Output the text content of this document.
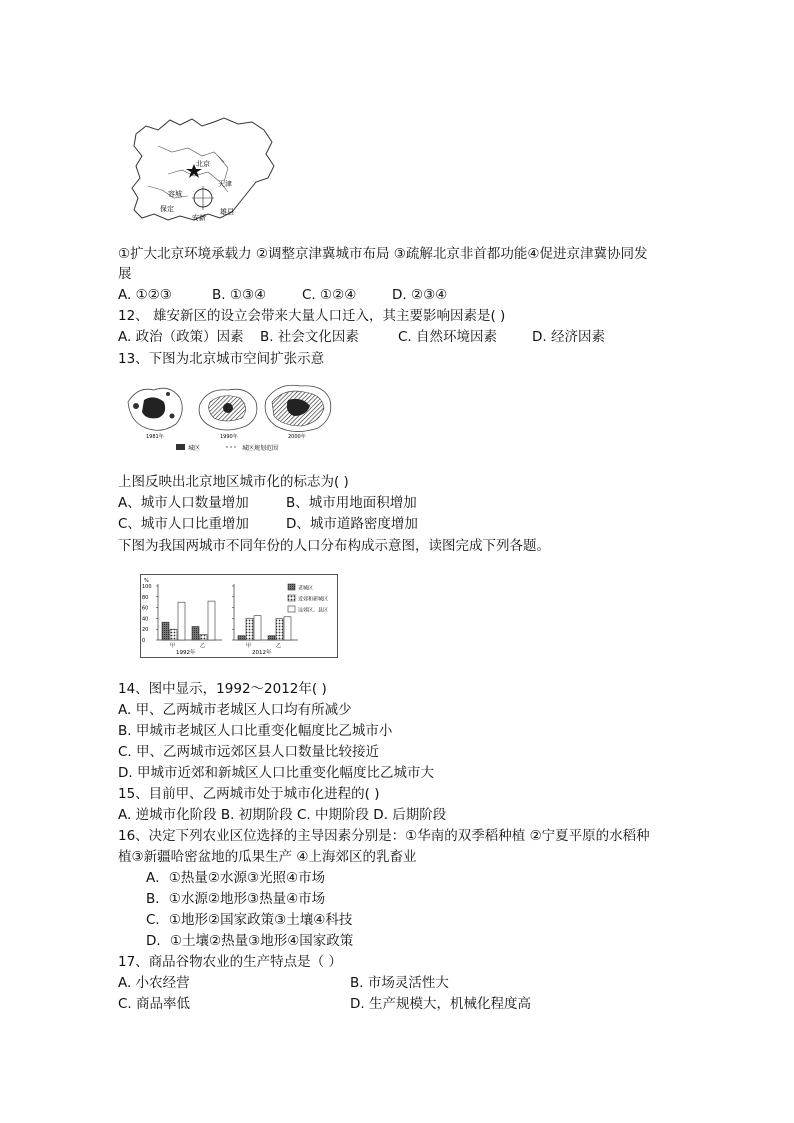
北京
天津
容城
保定
安新
雄县
①扩大北京环境承载力 ②调整京津冀城市布局 ③疏解北京非首都功能④促进京津冀协同发
展
A. ①②③	B. ①③④	C. ①②④	D. ②③④
12、 雄安新区的设立会带来大量人口迁入，其主要影响因素是( )
A. 政治（政策）因素 B. 社会文化因素	C. 自然环境因素	D. 经济因素
13、下图为北京城市空间扩张示意
1981年	1990年	2000年
城区	城区规划范围
上图反映出北京地区城市化的标志为( )
A、城市人口数量增加	B、城市用地面积增加
C、城市人口比重增加	D、城市道路密度增加
下图为我国两城市不同年份的人口分布构成示意图，读图完成下列各题。
%
0
20
40
60
80
100
甲	乙
1992年
甲	乙
2012年
老城区
近郊和新城区
远郊区、县区
14、图中显示，1992～2012年( )
A. 甲、乙两城市老城区人口均有所减少
B. 甲城市老城区人口比重变化幅度比乙城市小
C. 甲、乙两城市远郊区县人口数量比较接近
D. 甲城市近郊和新城区人口比重变化幅度比乙城市大
15、目前甲、乙两城市处于城市化进程的( )
A. 逆城市化阶段 B. 初期阶段 C. 中期阶段 D. 后期阶段
16、决定下列农业区位选择的主导因素分别是：①华南的双季稻种植 ②宁夏平原的水稻种
植③新疆哈密盆地的瓜果生产 ④上海郊区的乳畜业
A．①热量②水源③光照④市场
B．①水源②地形③热量④市场
C．①地形②国家政策③土壤④科技
D．①土壤②热量③地形④国家政策
17、商品谷物农业的生产特点是（ ）
A. 小农经营	B. 市场灵活性大
C. 商品率低	D. 生产规模大，机械化程度高
